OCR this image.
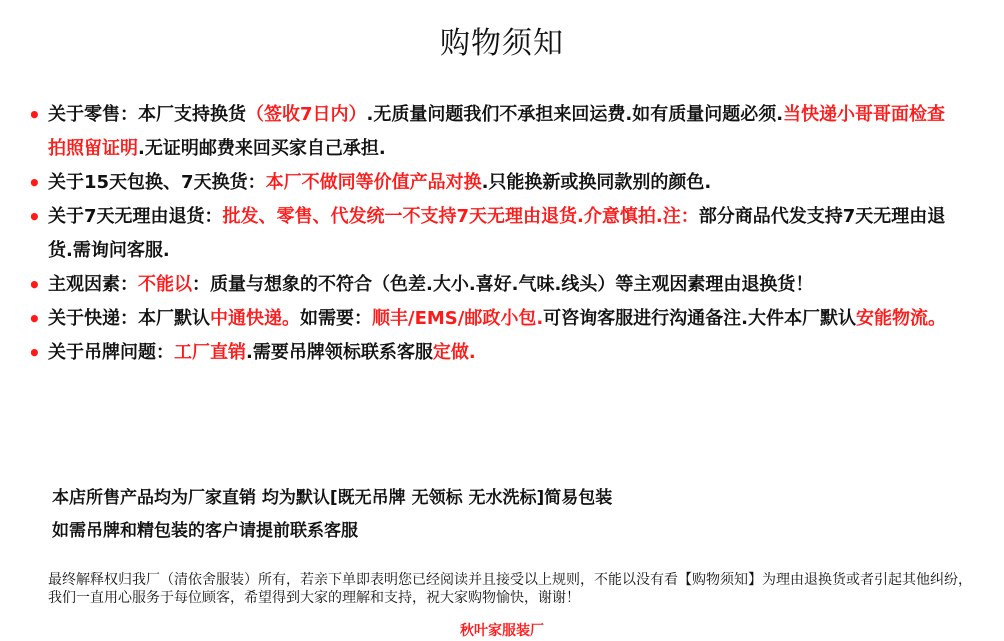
购物须知

• 关于零售：本厂支持换货（签收7日内）.无质量问题我们不承担来回运费.如有质量问题必须.当快递小哥哥面检查拍照留证明.无证明邮费来回买家自己承担.

• 关于15天包换、7天换货：本厂不做同等价值产品对换.只能换新或换同款别的颜色.

• 关于7天无理由退货：批发、零售、代发统一不支持7天无理由退货.介意慎拍.注：部分商品代发支持7天无理由退货.需询问客服.

• 主观因素：不能以：质量与想象的不符合（色差.大小.喜好.气味.线头）等主观因素理由退换货！

• 关于快递：本厂默认中通快递。如需要：顺丰/EMS/邮政小包.可咨询客服进行沟通备注.大件本厂默认安能物流。

• 关于吊牌问题：工厂直销.需要吊牌领标联系客服定做.

本店所售产品均为厂家直销 均为默认[既无吊牌 无领标 无水洗标]简易包装
如需吊牌和精包装的客户请提前联系客服
最终解释权归我厂（清依舍服装）所有，若亲下单即表明您已经阅读并且接受以上规则，不能以没有看【购物须知】为理由退换货或者引起其他纠纷，我们一直用心服务于每位顾客，希望得到大家的理解和支持，祝大家购物愉快，谢谢！
秋叶家服装厂
